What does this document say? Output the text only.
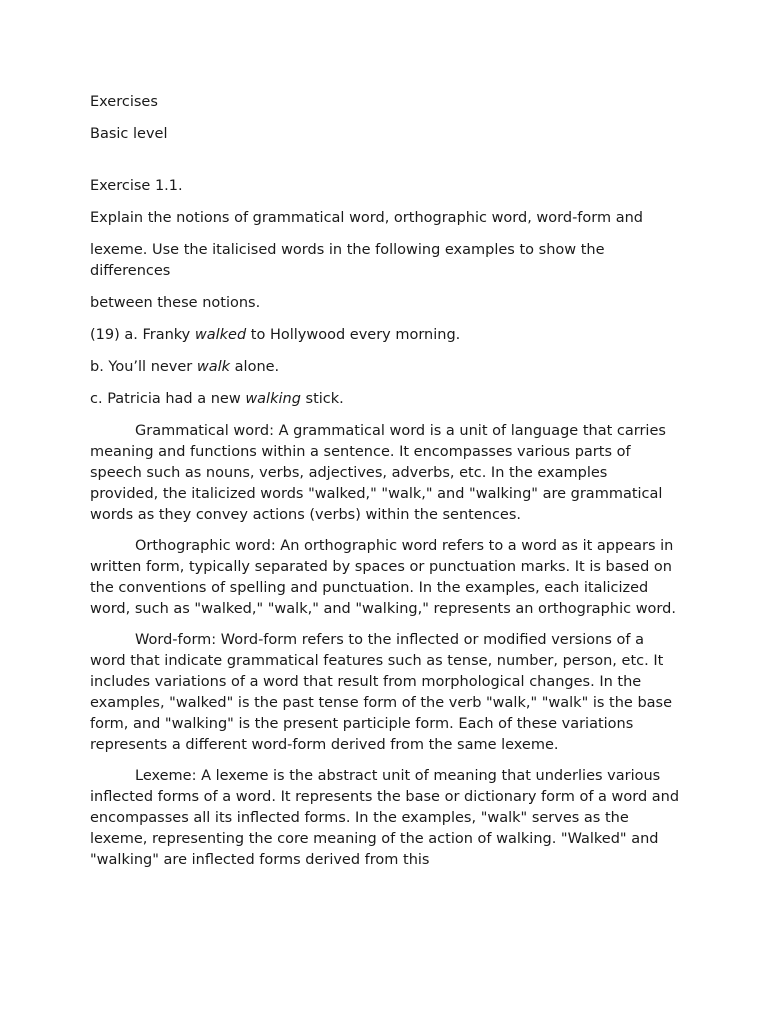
Exercises

Basic level

Exercise 1.1.

Explain the notions of grammatical word, orthographic word, word-form and

lexeme. Use the italicised words in the following examples to show the differences

between these notions.

(19) a. Franky walked to Hollywood every morning.

b. You’ll never walk alone.

c. Patricia had a new walking stick.

Grammatical word: A grammatical word is a unit of language that carries meaning and functions within a sentence. It encompasses various parts of speech such as nouns, verbs, adjectives, adverbs, etc. In the examples provided, the italicized words "walked," "walk," and "walking" are grammatical words as they convey actions (verbs) within the sentences.

Orthographic word: An orthographic word refers to a word as it appears in written form, typically separated by spaces or punctuation marks. It is based on the conventions of spelling and punctuation. In the examples, each italicized word, such as "walked," "walk," and "walking," represents an orthographic word.

Word-form: Word-form refers to the inflected or modified versions of a word that indicate grammatical features such as tense, number, person, etc. It includes variations of a word that result from morphological changes. In the examples, "walked" is the past tense form of the verb "walk," "walk" is the base form, and "walking" is the present participle form. Each of these variations represents a different word-form derived from the same lexeme.

Lexeme: A lexeme is the abstract unit of meaning that underlies various inflected forms of a word. It represents the base or dictionary form of a word and encompasses all its inflected forms. In the examples, "walk" serves as the lexeme, representing the core meaning of the action of walking. "Walked" and "walking" are inflected forms derived from this
